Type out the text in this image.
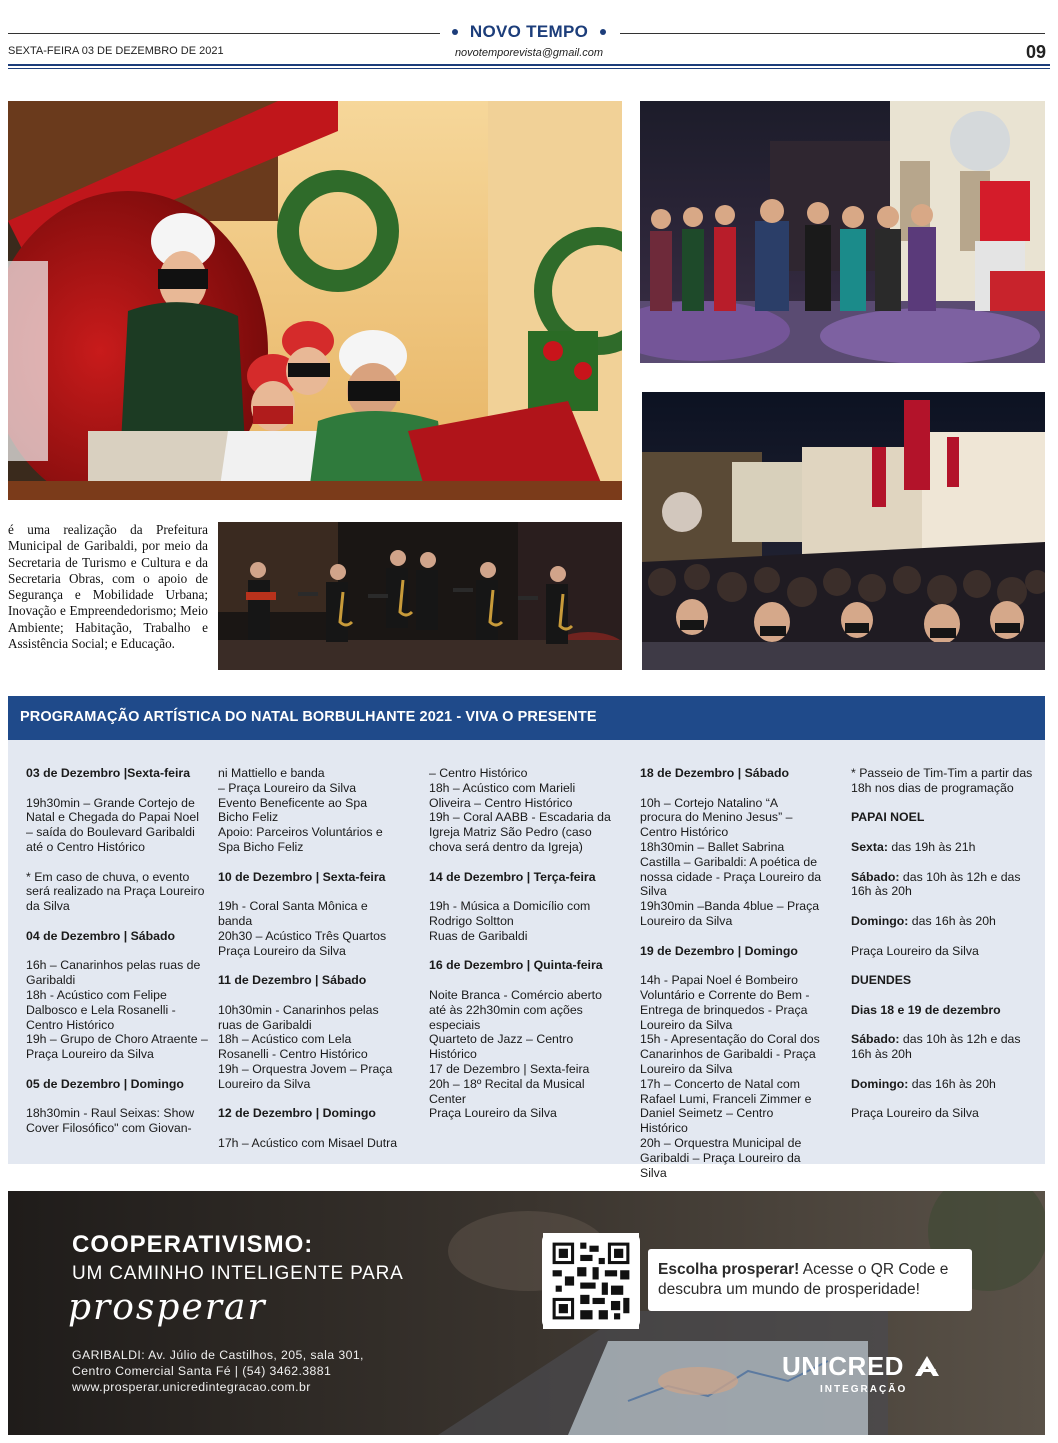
NOVO TEMPO
novotemporevista@gmail.com
SEXTA-FEIRA 03 DE DEZEMBRO DE 2021	09
é uma realização da Prefeitura Municipal de Garibaldi, por meio da Secretaria de Turismo e Cultura e da Secretaria Obras, com o apoio de Segurança e Mobilidade Urbana; Inovação e Empreendedorismo; Meio Ambiente; Habitação, Trabalho e Assistência Social; e Educação.
PROGRAMAÇÃO ARTÍSTICA DO NATAL BORBULHANTE 2021 - VIVA O PRESENTE

03 de Dezembro |Sexta-feira

19h30min – Grande Cortejo de Natal e Chegada do Papai Noel – saída do Boulevard Garibaldi até o Centro Histórico

* Em caso de chuva, o evento será realizado na Praça Loureiro da Silva

04 de Dezembro | Sábado

16h – Canarinhos pelas ruas de Garibaldi
18h - Acústico com Felipe Dalbosco e Lela Rosanelli - Centro Histórico
19h – Grupo de Choro Atraente – Praça Loureiro da Silva

05 de Dezembro | Domingo

18h30min - Raul Seixas: Show Cover Filosófico" com Giovan-

ni Mattiello e banda
– Praça Loureiro da Silva
Evento Beneficente ao Spa Bicho Feliz
Apoio: Parceiros Voluntários e Spa Bicho Feliz

10 de Dezembro | Sexta-feira

19h - Coral Santa Mônica e banda
20h30 – Acústico Três Quartos
Praça Loureiro da Silva

11 de Dezembro | Sábado

10h30min - Canarinhos pelas ruas de Garibaldi
18h – Acústico com Lela Rosanelli - Centro Histórico
19h – Orquestra Jovem – Praça Loureiro da Silva

12 de Dezembro | Domingo

17h – Acústico com Misael Dutra

– Centro Histórico
18h – Acústico com Marieli Oliveira – Centro Histórico
19h – Coral AABB - Escadaria da Igreja Matriz São Pedro (caso chova será dentro da Igreja)

14 de Dezembro | Terça-feira

19h - Música a Domicílio com Rodrigo Soltton
Ruas de Garibaldi

16 de Dezembro | Quinta-feira

Noite Branca - Comércio aberto até às 22h30min com ações especiais
Quarteto de Jazz – Centro Histórico
17 de Dezembro | Sexta-feira
20h – 18º Recital da Musical Center
Praça Loureiro da Silva

18 de Dezembro | Sábado

10h – Cortejo Natalino “A procura do Menino Jesus” – Centro Histórico
18h30min – Ballet Sabrina Castilla – Garibaldi: A poética de nossa cidade - Praça Loureiro da Silva
19h30min –Banda 4blue – Praça Loureiro da Silva

19 de Dezembro | Domingo

14h - Papai Noel é Bombeiro Voluntário e Corrente do Bem - Entrega de brinquedos - Praça Loureiro da Silva
15h - Apresentação do Coral dos Canarinhos de Garibaldi - Praça Loureiro da Silva
17h – Concerto de Natal com Rafael Lumi, Franceli Zimmer e Daniel Seimetz – Centro Histórico
20h – Orquestra Municipal de Garibaldi – Praça Loureiro da Silva

* Passeio de Tim-Tim a partir das 18h nos dias de programação

PAPAI NOEL

Sexta: das 19h às 21h

Sábado: das 10h às 12h e das 16h às 20h

Domingo: das 16h às 20h

Praça Loureiro da Silva

DUENDES

Dias 18 e 19 de dezembro

Sábado: das 10h às 12h e das 16h às 20h

Domingo: das 16h às 20h

Praça Loureiro da Silva

COOPERATIVISMO:
UM CAMINHO INTELIGENTE PARA
prosperar
GARIBALDI: Av. Júlio de Castilhos, 205, sala 301,
Centro Comercial Santa Fé | (54) 3462.3881
www.prosperar.unicredintegracao.com.br
Escolha prosperar! Acesse o QR Code e descubra um mundo de prosperidade!
UNICRED
INTEGRAÇÃO
